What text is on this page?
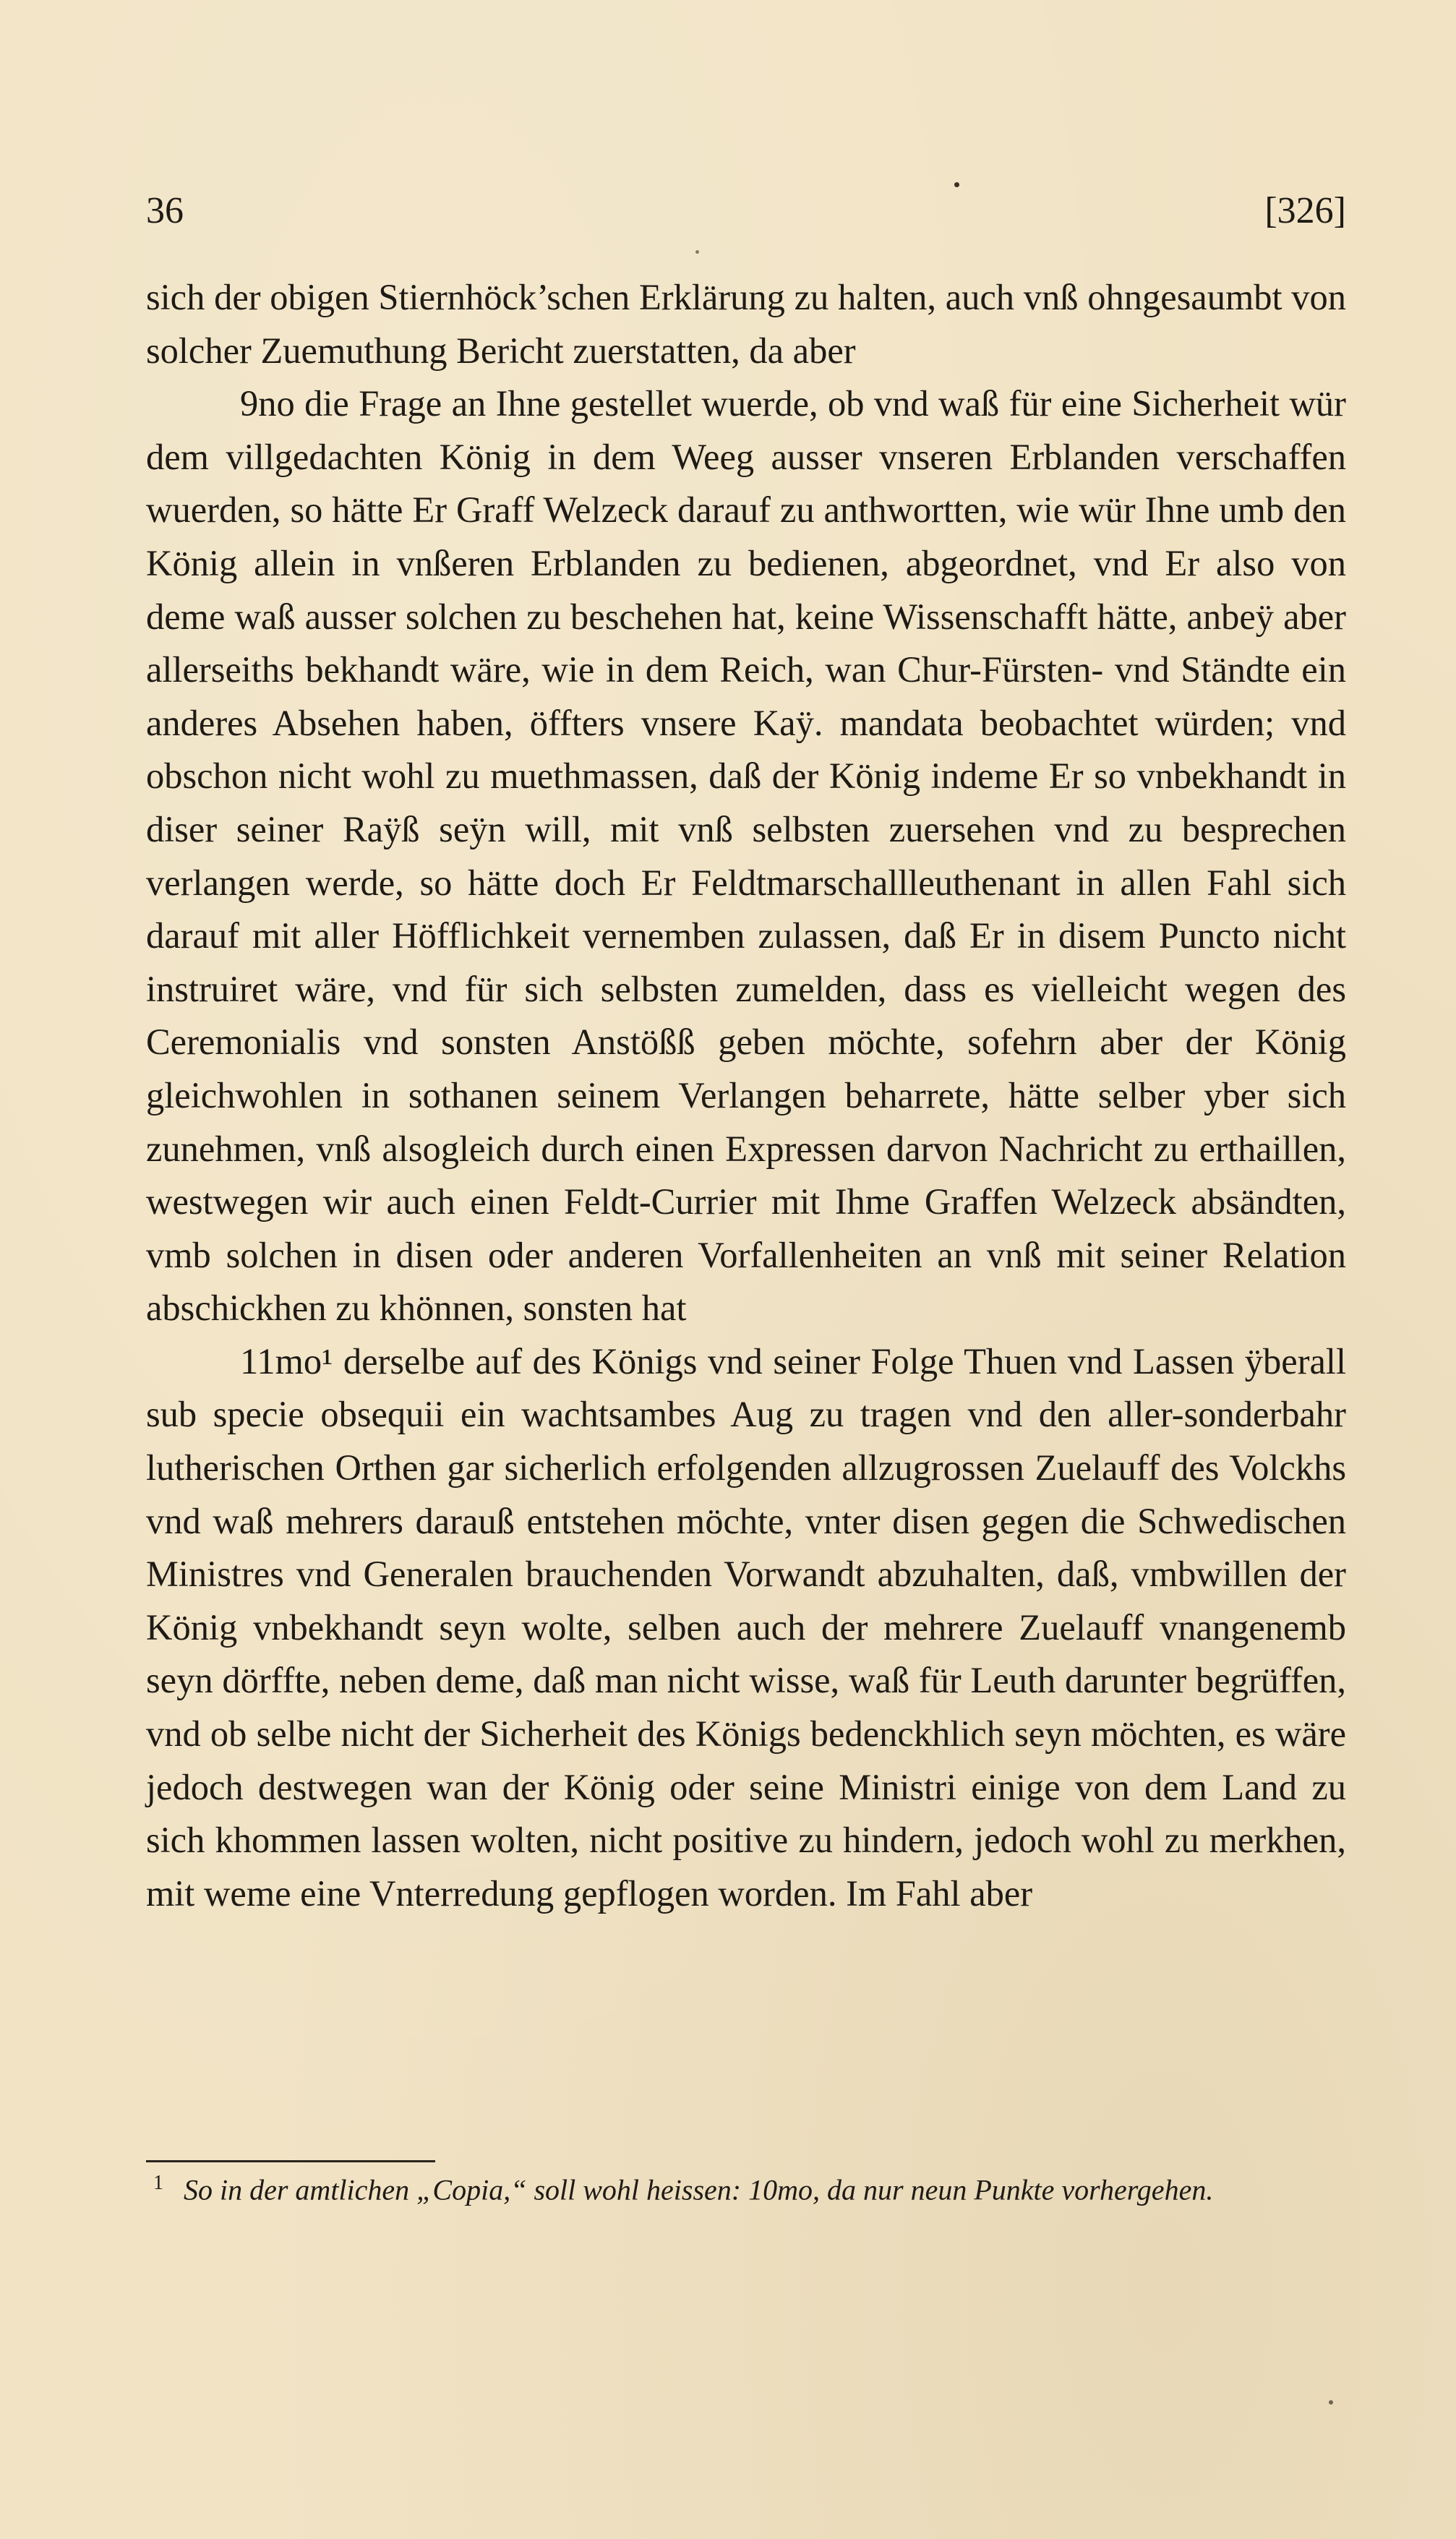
36	[326]

sich der obigen Stiernhöck’schen Erklärung zu halten, auch vnß ohngesaumbt von solcher Zuemuthung Bericht zuerstatten, da aber

9no die Frage an Ihne gestellet wuerde, ob vnd waß für eine Sicherheit wür dem villgedachten König in dem Weeg ausser vnseren Erblanden verschaffen wuerden, so hätte Er Graff Welzeck darauf zu anthwortten, wie wür Ihne umb den König allein in vnßeren Erblanden zu bedienen, abgeordnet, vnd Er also von deme waß ausser solchen zu beschehen hat, keine Wissenschafft hätte, anbeÿ aber allerseiths bekhandt wäre, wie in dem Reich, wan Chur-Fürsten- vnd Ständte ein anderes Absehen haben, öffters vnsere Kaÿ. mandata beobachtet würden; vnd obschon nicht wohl zu muethmassen, daß der König indeme Er so vnbekhandt in diser seiner Raÿß seÿn will, mit vnß selbsten zuersehen vnd zu besprechen verlangen werde, so hätte doch Er Feldtmarschallleuthenant in allen Fahl sich darauf mit aller Höfflichkeit vernemben zulassen, daß Er in disem Puncto nicht instruiret wäre, vnd für sich selbsten zumelden, dass es vielleicht wegen des Ceremonialis vnd sonsten Anstößß geben möchte, sofehrn aber der König gleichwohlen in sothanen seinem Verlangen beharrete, hätte selber yber sich zunehmen, vnß alsogleich durch einen Expressen darvon Nachricht zu erthaillen, westwegen wir auch einen Feldt-Currier mit Ihme Graffen Welzeck absändten, vmb solchen in disen oder anderen Vorfallenheiten an vnß mit seiner Relation abschickhen zu khönnen, sonsten hat

11mo¹ derselbe auf des Königs vnd seiner Folge Thuen vnd Lassen ÿberall sub specie obsequii ein wachtsambes Aug zu tragen vnd den aller-sonderbahr lutherischen Orthen gar sicherlich erfolgenden allzugrossen Zuelauff des Volckhs vnd waß mehrers darauß entstehen möchte, vnter disen gegen die Schwedischen Ministres vnd Generalen brauchenden Vorwandt abzuhalten, daß, vmbwillen der König vnbekhandt seyn wolte, selben auch der mehrere Zuelauff vnangenemb seyn dörffte, neben deme, daß man nicht wisse, waß für Leuth darunter begrüffen, vnd ob selbe nicht der Sicherheit des Königs bedenckhlich seyn möchten, es wäre jedoch destwegen wan der König oder seine Ministri einige von dem Land zu sich khommen lassen wolten, nicht positive zu hindern, jedoch wohl zu merkhen, mit weme eine Vnterredung gepflogen worden. Im Fahl aber

$^1$ So in der amtlichen „Copia,“ soll wohl heissen: 10mo, da nur neun Punkte vorhergehen.
